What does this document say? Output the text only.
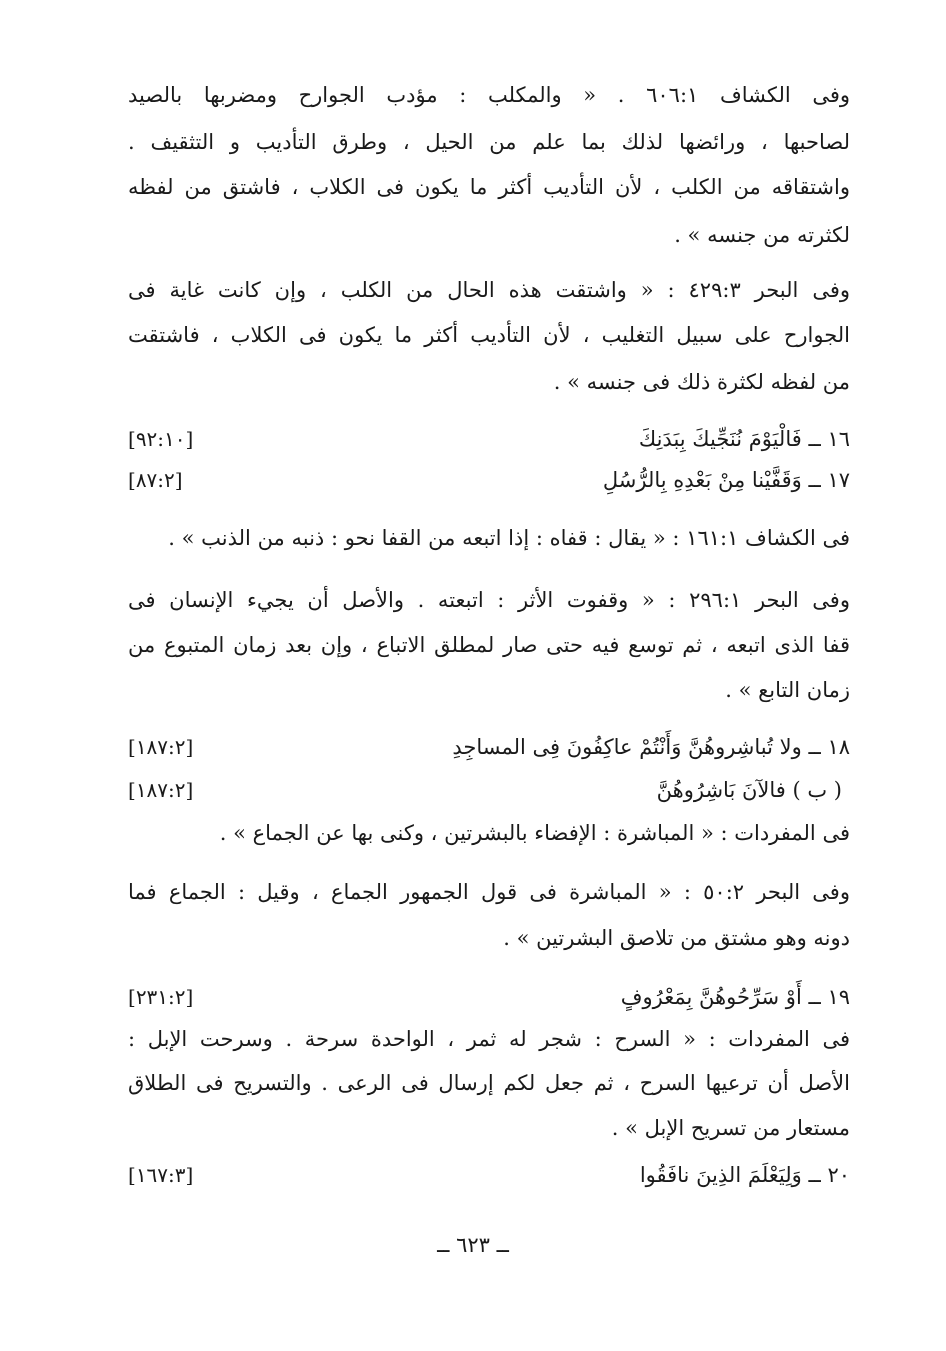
وفى الكشاف ٦٠٦:١ . « والمكلب : مؤدب الجوارح ومضربها بالصيد
لصاحبها ، ورائضها لذلك بما علم من الحيل ، وطرق التأديب و التثقيف .
واشتقاقه من الكلب ، لأن التأديب أكثر ما يكون فى الكلاب ، فاشتق من لفظه
لكثرته من جنسه » .
وفى البحر ٤٢٩:٣ : « واشتقت هذه الحال من الكلب ، وإن كانت غاية فى
الجوارح على سبيل التغليب ، لأن التأديب أكثر ما يكون فى الكلاب ، فاشتقت
من لفظه لكثرة ذلك فى جنسه » .
١٦ ــ فَالْيَوْمَ نُنَجِّيكَ بِبَدَنِكَ
[٩٢:١٠]
١٧ ــ وَقَفَّيْنا مِنْ بَعْدِهِ بِالرُّسُلِ
[٨٧:٢]
فى الكشاف ١٦١:١ : « يقال : قفاه : إذا اتبعه من القفا نحو : ذنبه من الذنب » .
وفى البحر ٢٩٦:١ : « وقفوت الأثر : اتبعته . والأصل أن يجيء الإنسان فى
قفا الذى اتبعه ، ثم توسع فيه حتى صار لمطلق الاتباع ، وإن بعد زمان المتبوع من
زمان التابع » .
١٨ ــ ولا تُباشِروهُنَّ وَأَنْتُمْ عاكِفُونَ فِى المساجِدِ
[١٨٧:٢]
( ب ) فالآنَ بَاشِرُوهُنَّ
[١٨٧:٢]
فى المفردات : « المباشرة : الإفضاء بالبشرتين ، وكنى بها عن الجماع » .
وفى البحر ٥٠:٢ : « المباشرة فى قول الجمهور الجماع ، وقيل : الجماع فما
دونه وهو مشتق من تلاصق البشرتين » .
١٩ ــ أَوْ سَرِّحُوهُنَّ بِمَعْرُوفٍ
[٢٣١:٢]
فى المفردات : « السرح : شجر له ثمر ، الواحدة سرحة . وسرحت الإبل :
الأصل أن ترعيها السرح ، ثم جعل لكم إرسال فى الرعى . والتسريح فى الطلاق
مستعار من تسريح الإبل » .
٢٠ ــ وَلِيَعْلَمَ الذِينَ نافَقُوا
[١٦٧:٣]
ــ ٦٢٣ ــ
